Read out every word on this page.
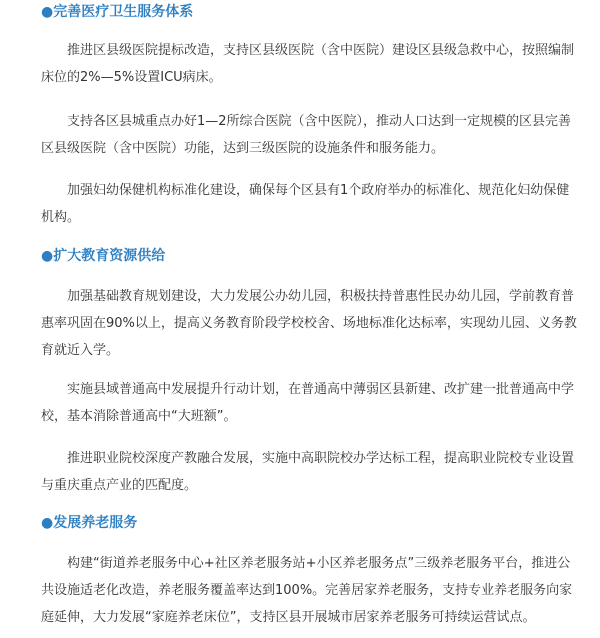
●完善医疗卫生服务体系

推进区县级医院提标改造，支持区县级医院（含中医院）建设区县级急救中心，按照编制床位的2%—5%设置ICU病床。

支持各区县城重点办好1—2所综合医院（含中医院），推动人口达到一定规模的区县完善区县级医院（含中医院）功能，达到三级医院的设施条件和服务能力。

加强妇幼保健机构标准化建设，确保每个区县有1个政府举办的标准化、规范化妇幼保健机构。

●扩大教育资源供给

加强基础教育规划建设，大力发展公办幼儿园，积极扶持普惠性民办幼儿园，学前教育普惠率巩固在90%以上，提高义务教育阶段学校校舍、场地标准化达标率，实现幼儿园、义务教育就近入学。

实施县域普通高中发展提升行动计划，在普通高中薄弱区县新建、改扩建一批普通高中学校，基本消除普通高中“大班额”。

推进职业院校深度产教融合发展，实施中高职院校办学达标工程，提高职业院校专业设置与重庆重点产业的匹配度。

●发展养老服务

构建“街道养老服务中心+社区养老服务站+小区养老服务点”三级养老服务平台，推进公共设施适老化改造，养老服务覆盖率达到100%。完善居家养老服务，支持专业养老服务向家庭延伸，大力发展“家庭养老床位”，支持区县开展城市居家养老服务可持续运营试点。
